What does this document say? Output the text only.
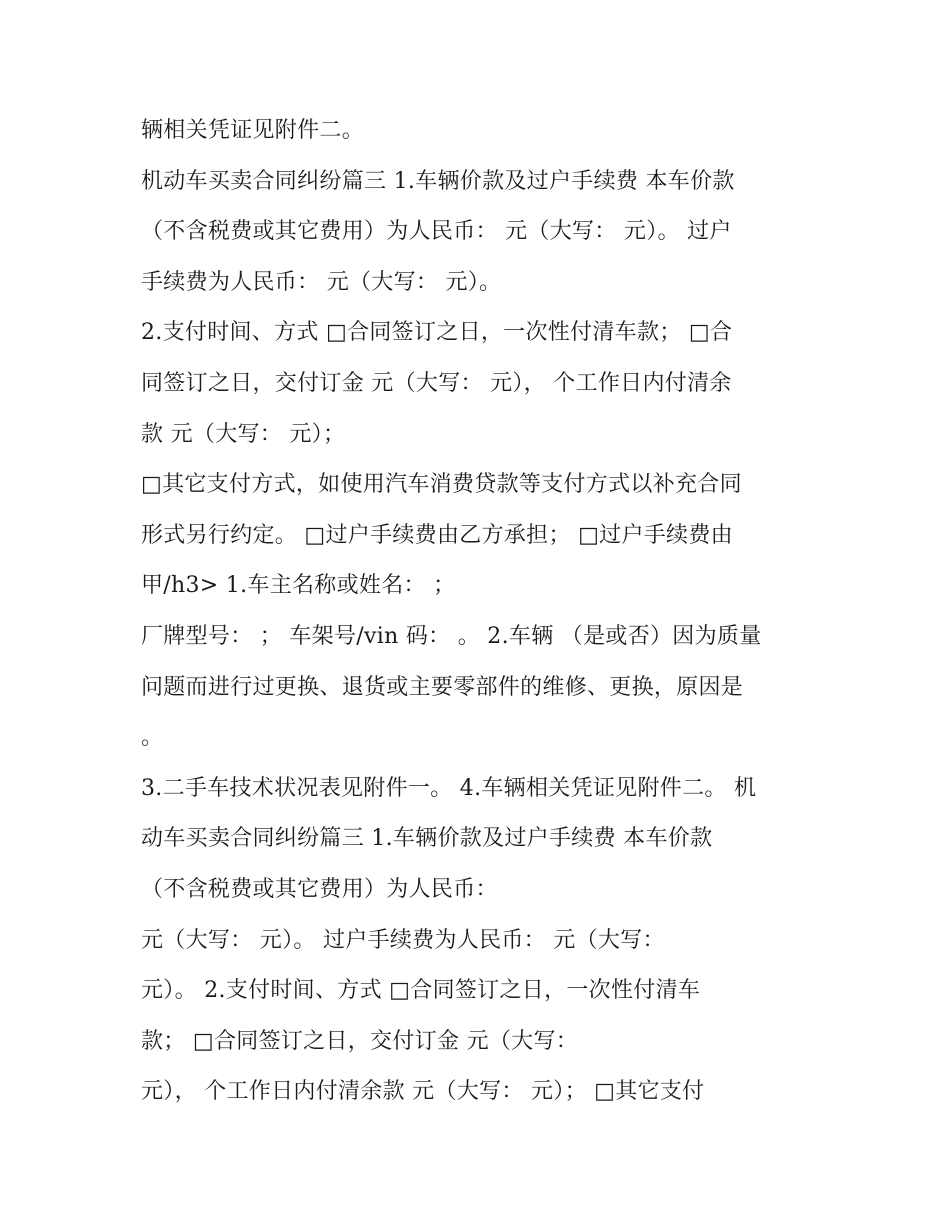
辆相关凭证见附件二。
机动车买卖合同纠纷篇三 1.车辆价款及过户手续费 本车价款
（不含税费或其它费用）为人民币： 元（大写： 元）。 过户
手续费为人民币： 元（大写： 元）。
2.支付时间、方式 □合同签订之日，一次性付清车款； □合
同签订之日，交付订金 元（大写： 元）， 个工作日内付清余
款 元（大写： 元）；
□其它支付方式，如使用汽车消费贷款等支付方式以补充合同
形式另行约定。 □过户手续费由乙方承担； □过户手续费由
甲/h3> 1.车主名称或姓名： ；
厂牌型号： ； 车架号/vin 码： 。 2.车辆 （是或否）因为质量
问题而进行过更换、退货或主要零部件的维修、更换，原因是
。
3.二手车技术状况表见附件一。 4.车辆相关凭证见附件二。 机
动车买卖合同纠纷篇三 1.车辆价款及过户手续费 本车价款
（不含税费或其它费用）为人民币：
元（大写： 元）。 过户手续费为人民币： 元（大写：
元）。 2.支付时间、方式 □合同签订之日，一次性付清车
款； □合同签订之日，交付订金 元（大写：
元）， 个工作日内付清余款 元（大写： 元）； □其它支付
